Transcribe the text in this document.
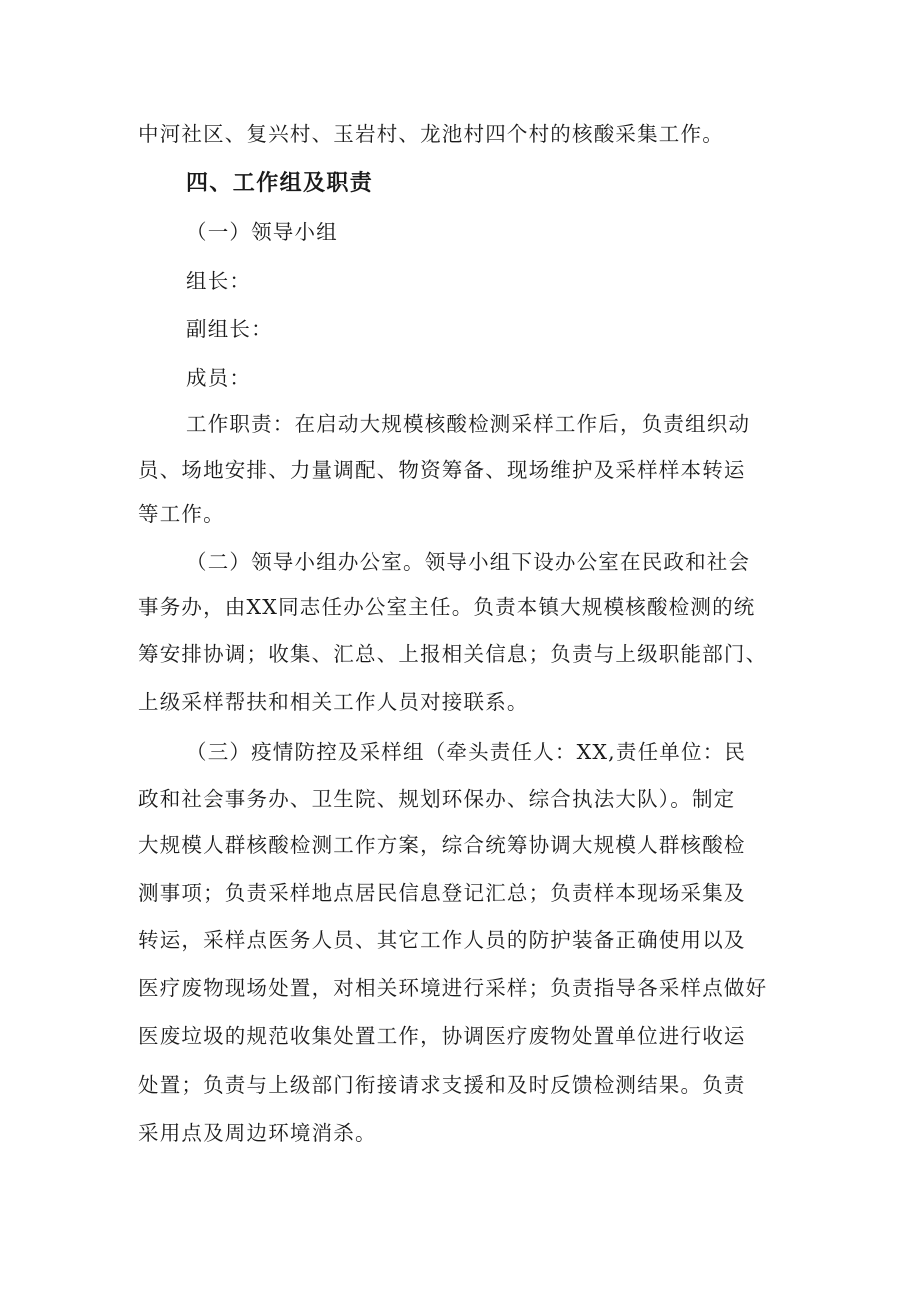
中河社区、复兴村、玉岩村、龙池村四个村的核酸采集工作。
四、工作组及职责
（一）领导小组
组长：
副组长：
成员：
工作职责：在启动大规模核酸检测采样工作后，负责组织动
员、场地安排、力量调配、物资筹备、现场维护及采样样本转运
等工作。
（二）领导小组办公室。领导小组下设办公室在民政和社会
事务办，由XX同志任办公室主任。负责本镇大规模核酸检测的统
筹安排协调；收集、汇总、上报相关信息；负责与上级职能部门、
上级采样帮扶和相关工作人员对接联系。
（三）疫情防控及采样组（牵头责任人：XX,责任单位：民
政和社会事务办、卫生院、规划环保办、综合执法大队）。制定
大规模人群核酸检测工作方案，综合统筹协调大规模人群核酸检
测事项；负责采样地点居民信息登记汇总；负责样本现场采集及
转运，采样点医务人员、其它工作人员的防护装备正确使用以及
医疗废物现场处置，对相关环境进行采样；负责指导各采样点做好
医废垃圾的规范收集处置工作，协调医疗废物处置单位进行收运
处置；负责与上级部门衔接请求支援和及时反馈检测结果。负责
采用点及周边环境消杀。
